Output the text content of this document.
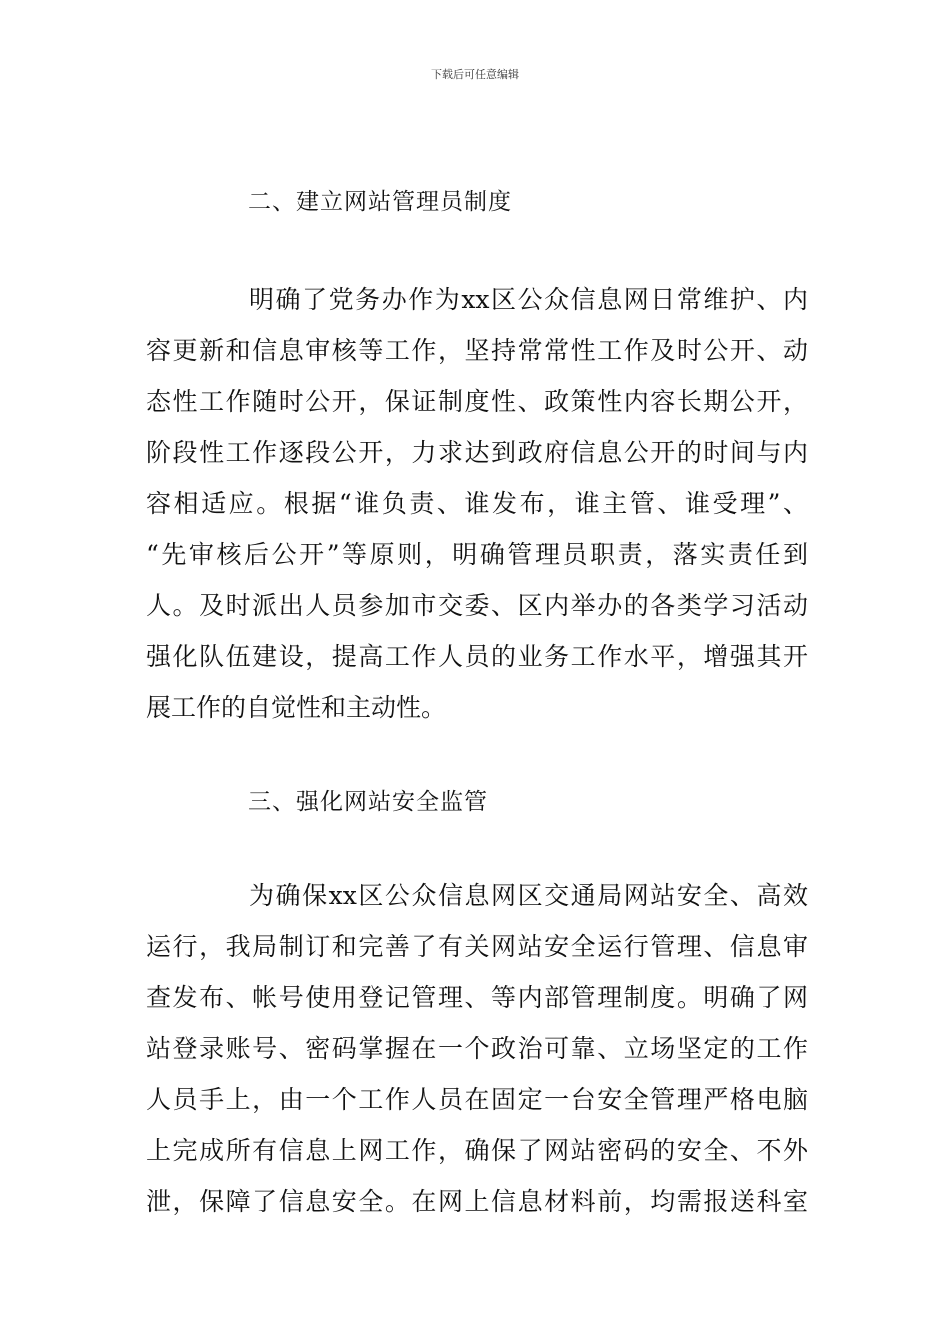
下载后可任意编辑
二、建立网站管理员制度
明确了党务办作为xx区公众信息网日常维护、内
容更新和信息审核等工作，坚持常常性工作及时公开、动
态性工作随时公开，保证制度性、政策性内容长期公开，
阶段性工作逐段公开，力求达到政府信息公开的时间与内
容相适应。根据“谁负责、谁发布，谁主管、谁受理”、
“先审核后公开”等原则，明确管理员职责，落实责任到
人。及时派出人员参加市交委、区内举办的各类学习活动
强化队伍建设，提高工作人员的业务工作水平，增强其开
展工作的自觉性和主动性。
三、强化网站安全监管
为确保xx区公众信息网区交通局网站安全、高效
运行，我局制订和完善了有关网站安全运行管理、信息审
查发布、帐号使用登记管理、等内部管理制度。明确了网
站登录账号、密码掌握在一个政治可靠、立场坚定的工作
人员手上，由一个工作人员在固定一台安全管理严格电脑
上完成所有信息上网工作，确保了网站密码的安全、不外
泄，保障了信息安全。在网上信息材料前，均需报送科室
